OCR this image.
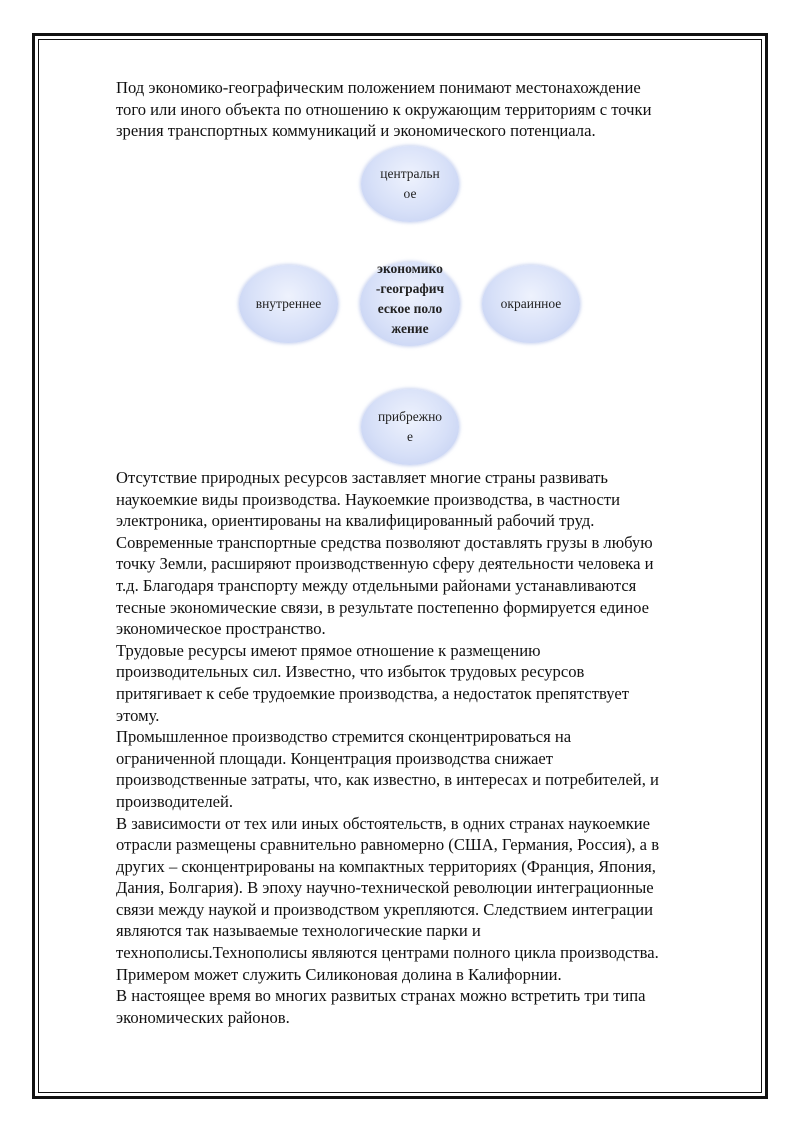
Под экономико-географическим положением понимают местонахождение
того или иного объекта по отношению к окружающим территориям с точки
зрения транспортных коммуникаций и экономического потенциала.

центральное
внутреннее
экономико-географическое положение
окраинное
прибрежное

Отсутствие природных ресурсов заставляет многие страны развивать
наукоемкие виды производства. Наукоемкие производства, в частности
электроника, ориентированы на квалифицированный рабочий труд.
Современные транспортные средства позволяют доставлять грузы в любую
точку Земли, расширяют производственную сферу деятельности человека и
т.д. Благодаря транспорту между отдельными районами устанавливаются
тесные экономические связи, в результате постепенно формируется единое
экономическое пространство.
Трудовые ресурсы имеют прямое отношение к размещению
производительных сил. Известно, что избыток трудовых ресурсов
притягивает к себе трудоемкие производства, а недостаток препятствует
этому.
Промышленное производство стремится сконцентрироваться на
ограниченной площади. Концентрация производства снижает
производственные затраты, что, как известно, в интересах и потребителей, и
производителей.
В зависимости от тех или иных обстоятельств, в одних странах наукоемкие
отрасли размещены сравнительно равномерно (США, Германия, Россия), а в
других – сконцентрированы на компактных территориях (Франция, Япония,
Дания, Болгария). В эпоху научно-технической революции интеграционные
связи между наукой и производством укрепляются. Следствием интеграции
являются так называемые технологические парки и
технополисы.Технополисы являются центрами полного цикла производства.
Примером может служить Силиконовая долина в Калифорнии.
В настоящее время во многих развитых странах можно встретить три типа
экономических районов.
